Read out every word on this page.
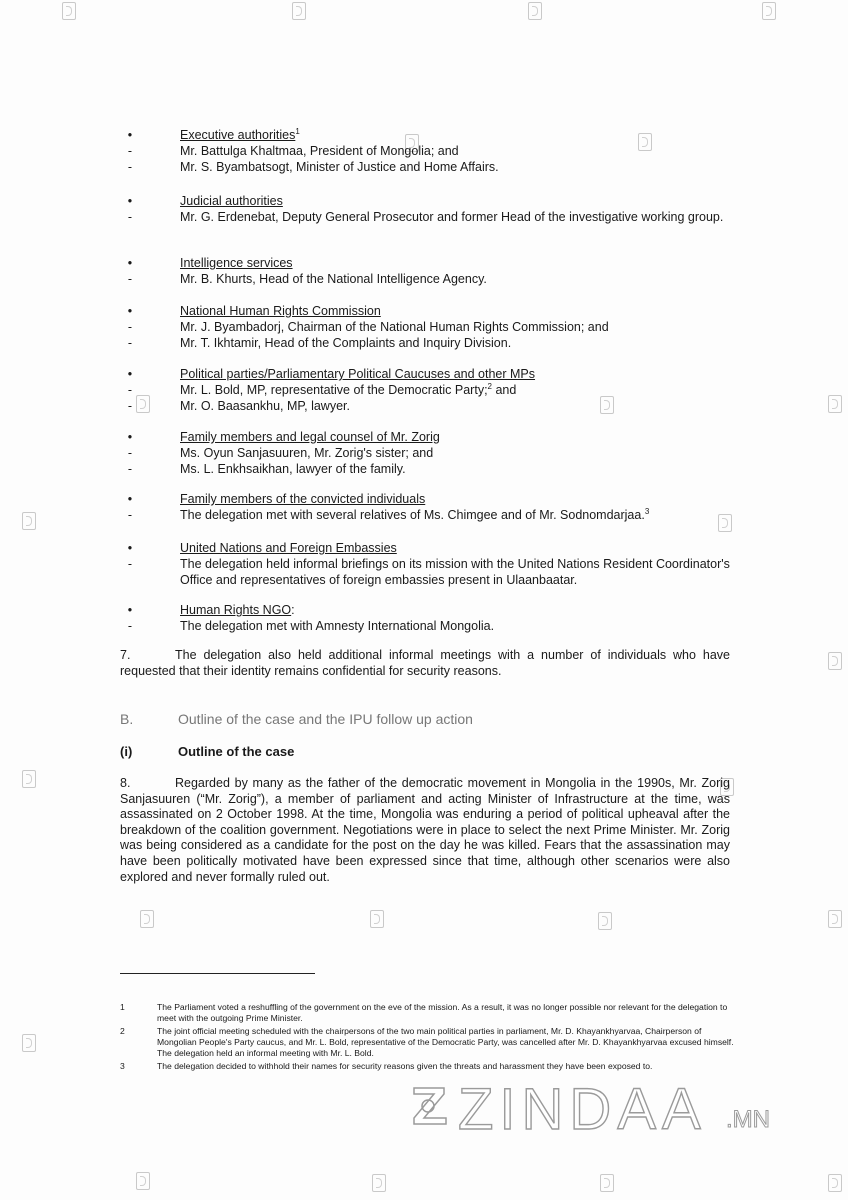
•	Executive authorities$^1$
-	Mr. Battulga Khaltmaa, President of Mongolia; and
-	Mr. S. Byambatsogt, Minister of Justice and Home Affairs.
•	Judicial authorities
-	Mr. G. Erdenebat, Deputy General Prosecutor and former Head of the investigative working group.
•	Intelligence services
-	Mr. B. Khurts, Head of the National Intelligence Agency.
•	National Human Rights Commission
-	Mr. J. Byambadorj, Chairman of the National Human Rights Commission; and
-	Mr. T. Ikhtamir, Head of the Complaints and Inquiry Division.
•	Political parties/Parliamentary Political Caucuses and other MPs
-	Mr. L. Bold, MP, representative of the Democratic Party;$^2$ and
-	Mr. O. Baasankhu, MP, lawyer.
•	Family members and legal counsel of Mr. Zorig
-	Ms. Oyun Sanjasuuren, Mr. Zorig's sister; and
-	Ms. L. Enkhsaikhan, lawyer of the family.
•	Family members of the convicted individuals
-	The delegation met with several relatives of Ms. Chimgee and of Mr. Sodnomdarjaa.$^3$
•	United Nations and Foreign Embassies
-	The delegation held informal briefings on its mission with the United Nations Resident Coordinator's Office and representatives of foreign embassies present in Ulaanbaatar.
•	Human Rights NGO:
-	The delegation met with Amnesty International Mongolia.
7.	The delegation also held additional informal meetings with a number of individuals who have requested that their identity remains confidential for security reasons.
B.	Outline of the case and the IPU follow up action
(i)	Outline of the case
8.	Regarded by many as the father of the democratic movement in Mongolia in the 1990s, Mr. Zorig Sanjasuuren (“Mr. Zorig”), a member of parliament and acting Minister of Infrastructure at the time, was assassinated on 2 October 1998. At the time, Mongolia was enduring a period of political upheaval after the breakdown of the coalition government. Negotiations were in place to select the next Prime Minister. Mr. Zorig was being considered as a candidate for the post on the day he was killed. Fears that the assassination may have been politically motivated have been expressed since that time, although other scenarios were also explored and never formally ruled out.
1	The Parliament voted a reshuffling of the government on the eve of the mission. As a result, it was no longer possible nor relevant for the delegation to meet with the outgoing Prime Minister.
2	The joint official meeting scheduled with the chairpersons of the two main political parties in parliament, Mr. D. Khayankhyarvaa, Chairperson of Mongolian People's Party caucus, and Mr. L. Bold, representative of the Democratic Party, was cancelled after Mr. D. Khayankhyarvaa excused himself. The delegation held an informal meeting with Mr. L. Bold.
3	The delegation decided to withhold their names for security reasons given the threats and harassment they have been exposed to.
ZINDAA .MN
